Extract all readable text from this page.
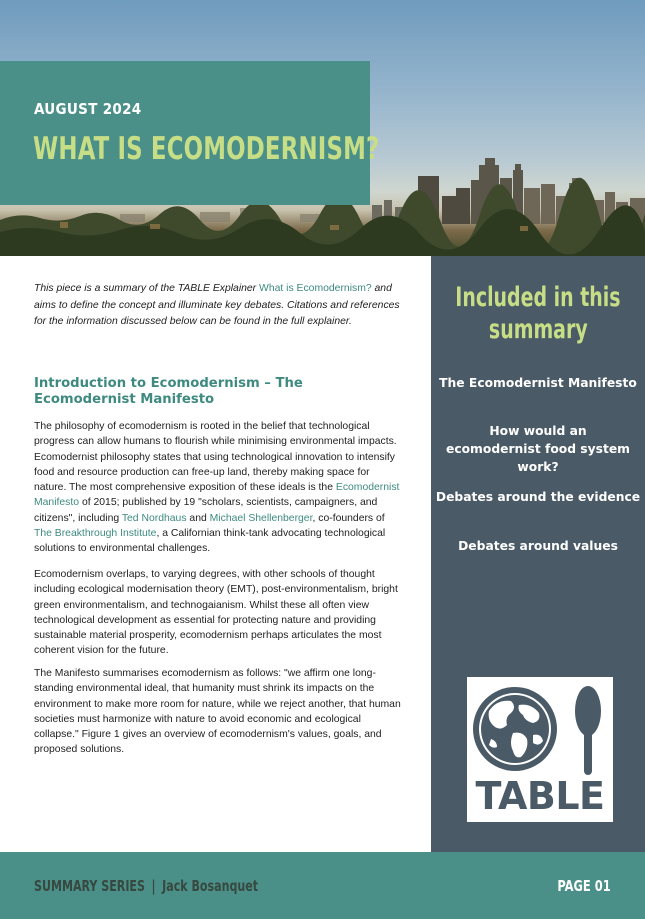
AUGUST 2024
WHAT IS ECOMODERNISM?

This piece is a summary of the TABLE Explainer What is Ecomodernism? and aims to define the concept and illuminate key debates. Citations and references for the information discussed below can be found in the full explainer.

Introduction to Ecomodernism – The Ecomodernist Manifesto

The philosophy of ecomodernism is rooted in the belief that technological progress can allow humans to flourish while minimising environmental impacts. Ecomodernist philosophy states that using technological innovation to intensify food and resource production can free-up land, thereby making space for nature. The most comprehensive exposition of these ideals is the Ecomodernist Manifesto of 2015; published by 19 "scholars, scientists, campaigners, and citizens", including Ted Nordhaus and Michael Shellenberger, co-founders of The Breakthrough Institute, a Californian think-tank advocating technological solutions to environmental challenges.

Ecomodernism overlaps, to varying degrees, with other schools of thought including ecological modernisation theory (EMT), post-environmentalism, bright green environmentalism, and technogaianism. Whilst these all often view technological development as essential for protecting nature and providing sustainable material prosperity, ecomodernism perhaps articulates the most coherent vision for the future.

The Manifesto summarises ecomodernism as follows: "we affirm one long-standing environmental ideal, that humanity must shrink its impacts on the environment to make more room for nature, while we reject another, that human societies must harmonize with nature to avoid economic and ecological collapse." Figure 1 gives an overview of ecomodernism's values, goals, and proposed solutions.

Included in this
summary
The Ecomodernist Manifesto
How would an ecomodernist food system work?
Debates around the evidence
Debates around values
TABLE
SUMMARY SERIES | Jack Bosanquet	PAGE 01
